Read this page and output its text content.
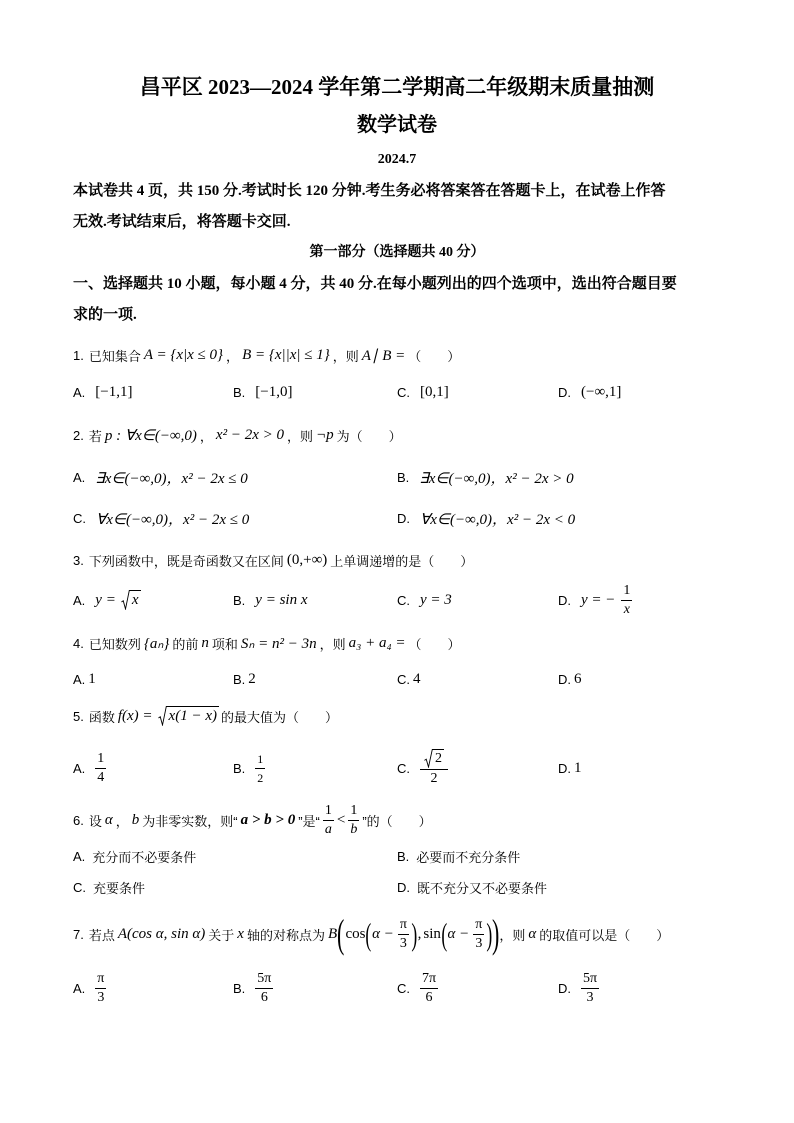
昌平区 2023—2024 学年第二学期高二年级期末质量抽测
数学试卷
2024.7
本试卷共 4 页，共 150 分.考试时长 120 分钟.考生务必将答案答在答题卡上，在试卷上作答
无效.考试结束后，将答题卡交回.
第一部分（选择题共 40 分）
一、选择题共 10 小题，每小题 4 分，共 40 分.在每小题列出的四个选项中，选出符合题目要
求的一项.
1. 已知集合 A = {x|x ≤ 0} ， B = {x||x| ≤ 1} ，则 A∣ B = （　　）
A. [−1,1]	B. [−1,0]	C. [0,1]	D. (−∞,1]
2. 若 p : ∀x∈(−∞,0) ， x² − 2x > 0 ，则 ¬p 为（　　）
A. ∃x∈(−∞,0)，x² − 2x ≤ 0	B. ∃x∈(−∞,0)，x² − 2x > 0
C. ∀x∈(−∞,0)，x² − 2x ≤ 0	D. ∀x∈(−∞,0)，x² − 2x < 0
3. 下列函数中，既是奇函数又在区间 (0,+∞) 上单调递增的是（　　）
A. y = x	B. y = sin x	C. y = 3	D. y = − $\frac{1}{x}$
4. 已知数列 {aₙ} 的前 n 项和 Sₙ = n² − 3n ，则 a₃ + a₄ = （　　）
A. 1	B. 2	C. 4	D. 6
5. 函数 f(x) = x(1 − x) 的最大值为（　　）
A. $\frac{1}{4}$	B. $\frac{1}{2}$	C. $\frac{2}{2}$	D. 1
6. 设 α ， b 为非零实数，则“ a > b > 0 ”是“ $\frac{1}{a} < \frac{1}{b}$ ”的（　　）
A. 充分而不必要条件	B. 必要而不充分条件
C. 充要条件	D. 既不充分又不必要条件
7. 若点 A(cos α, sin α) 关于 x 轴的对称点为 B ( cos ( $\alpha - \frac{\pi}{3}$ ) , sin ( $\alpha - \frac{\pi}{3}$ ) ) ，则 α 的取值可以是（　　）
A. $\frac{\pi}{3}$	B. $\frac{5\pi}{6}$	C. $\frac{7\pi}{6}$	D. $\frac{5\pi}{3}$
